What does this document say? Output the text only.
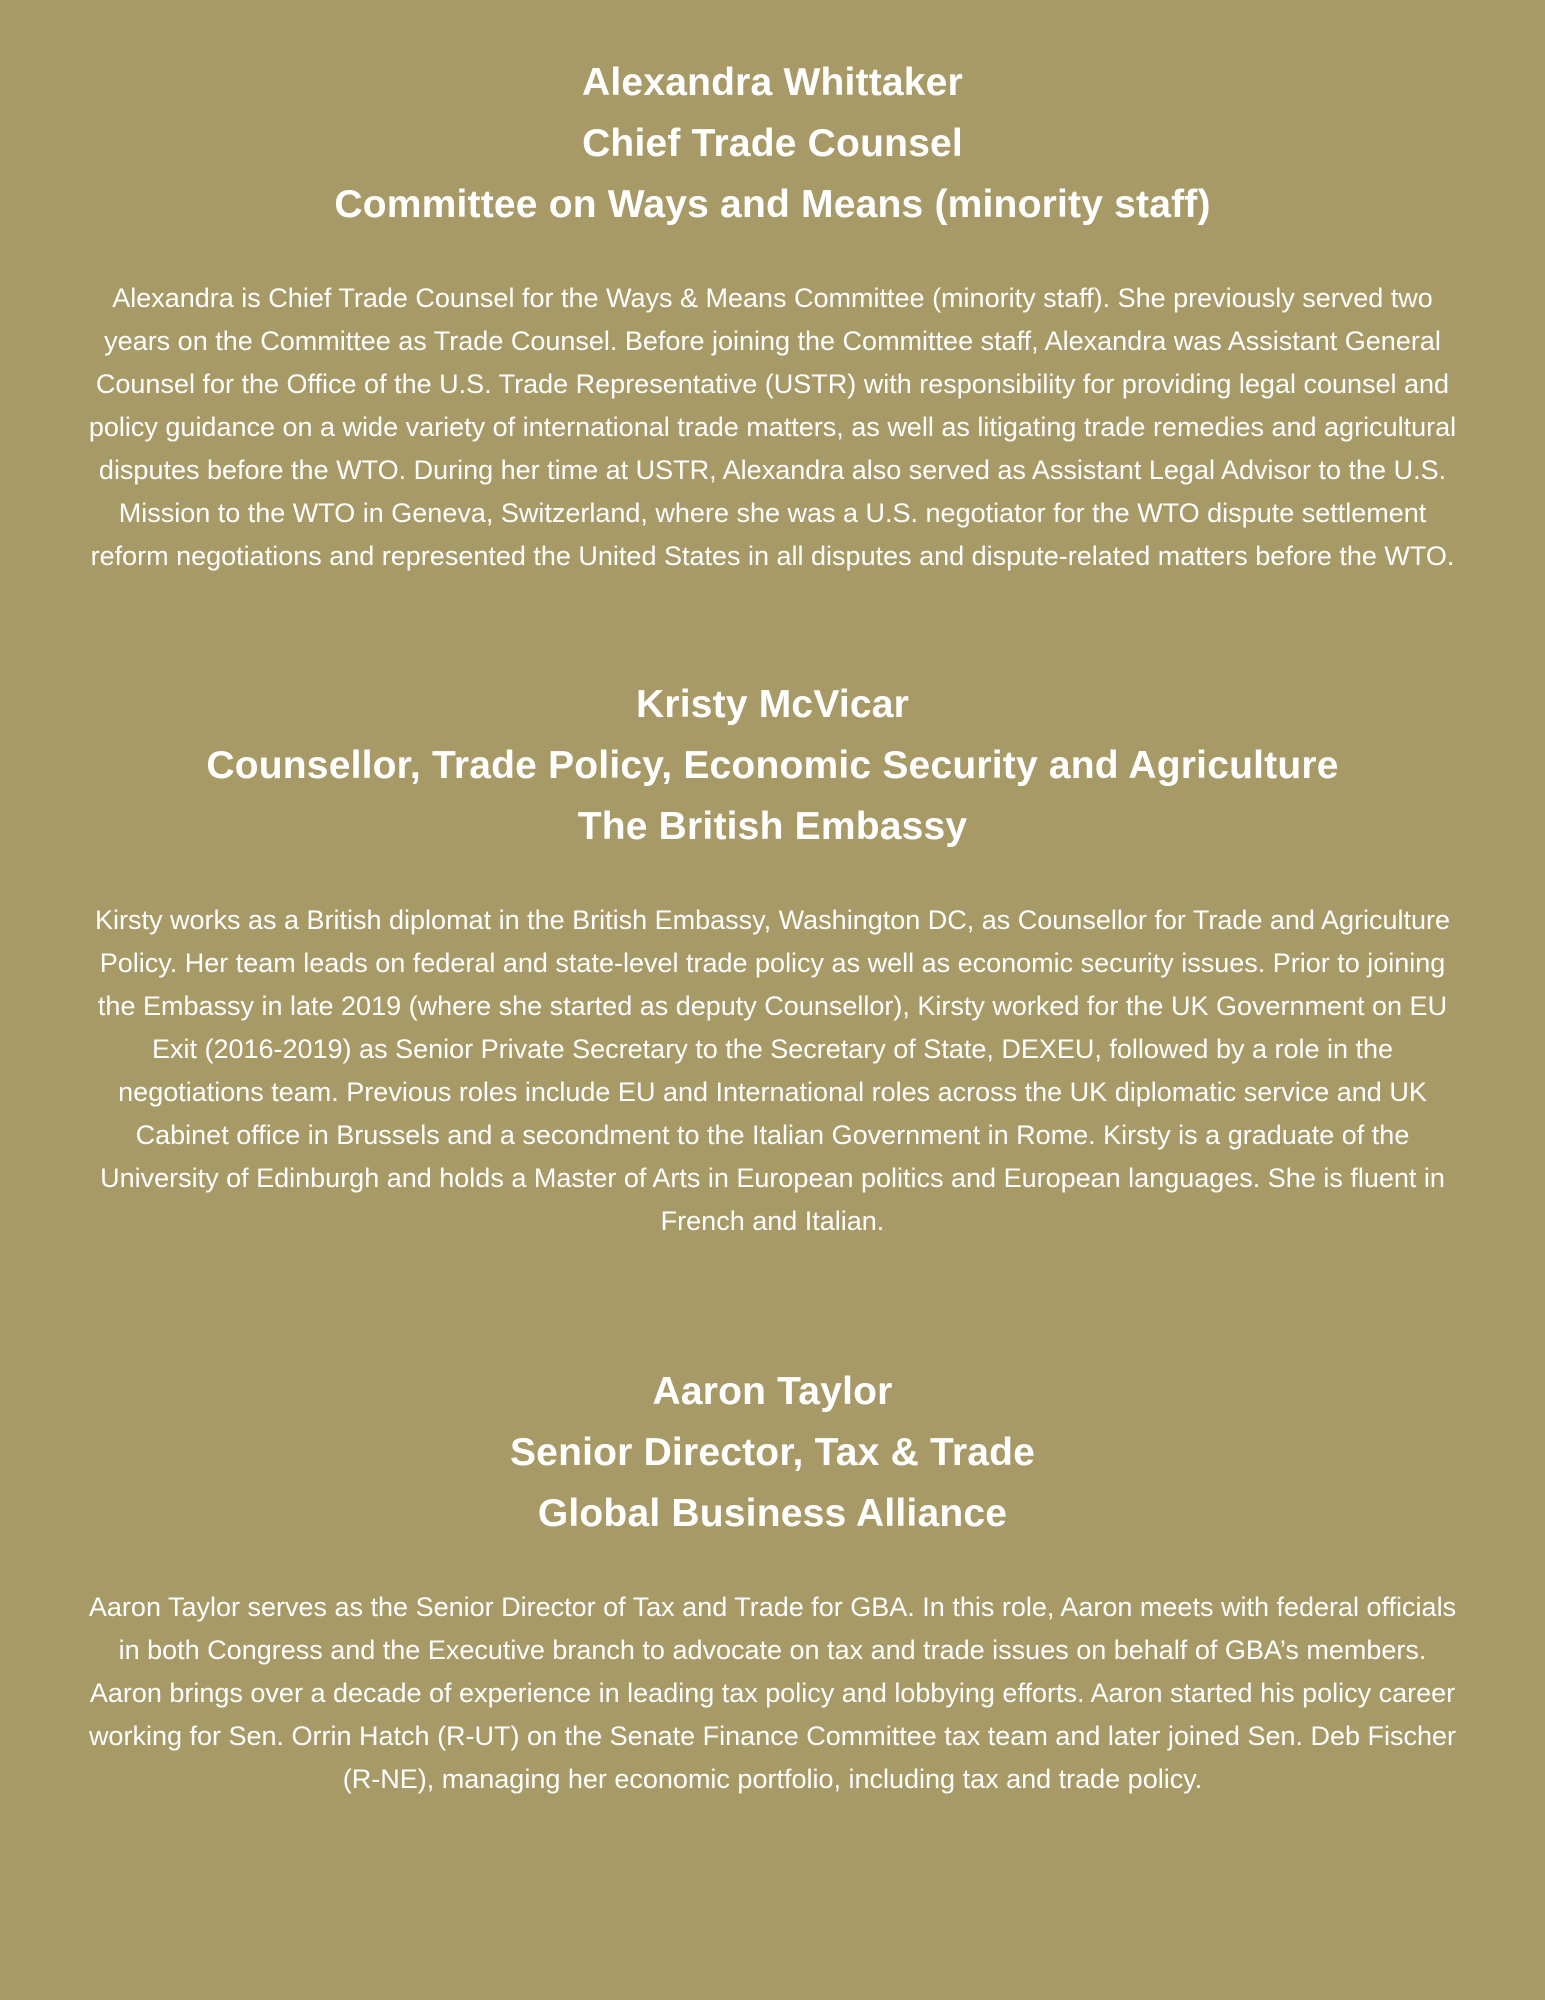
Alexandra Whittaker
Chief Trade Counsel
Committee on Ways and Means (minority staff)

Alexandra is Chief Trade Counsel for the Ways & Means Committee (minority staff). She previously served two years on the Committee as Trade Counsel. Before joining the Committee staff, Alexandra was Assistant General Counsel for the Office of the U.S. Trade Representative (USTR) with responsibility for providing legal counsel and policy guidance on a wide variety of international trade matters, as well as litigating trade remedies and agricultural disputes before the WTO. During her time at USTR, Alexandra also served as Assistant Legal Advisor to the U.S. Mission to the WTO in Geneva, Switzerland, where she was a U.S. negotiator for the WTO dispute settlement reform negotiations and represented the United States in all disputes and dispute-related matters before the WTO.

Kristy McVicar
Counsellor, Trade Policy, Economic Security and Agriculture
The British Embassy

Kirsty works as a British diplomat in the British Embassy, Washington DC, as Counsellor for Trade and Agriculture Policy. Her team leads on federal and state-level trade policy as well as economic security issues. Prior to joining the Embassy in late 2019 (where she started as deputy Counsellor), Kirsty worked for the UK Government on EU Exit (2016-2019) as Senior Private Secretary to the Secretary of State, DEXEU, followed by a role in the negotiations team. Previous roles include EU and International roles across the UK diplomatic service and UK Cabinet office in Brussels and a secondment to the Italian Government in Rome. Kirsty is a graduate of the University of Edinburgh and holds a Master of Arts in European politics and European languages. She is fluent in French and Italian.

Aaron Taylor
Senior Director, Tax & Trade
Global Business Alliance

Aaron Taylor serves as the Senior Director of Tax and Trade for GBA. In this role, Aaron meets with federal officials in both Congress and the Executive branch to advocate on tax and trade issues on behalf of GBA’s members. Aaron brings over a decade of experience in leading tax policy and lobbying efforts. Aaron started his policy career working for Sen. Orrin Hatch (R-UT) on the Senate Finance Committee tax team and later joined Sen. Deb Fischer (R-NE), managing her economic portfolio, including tax and trade policy.
